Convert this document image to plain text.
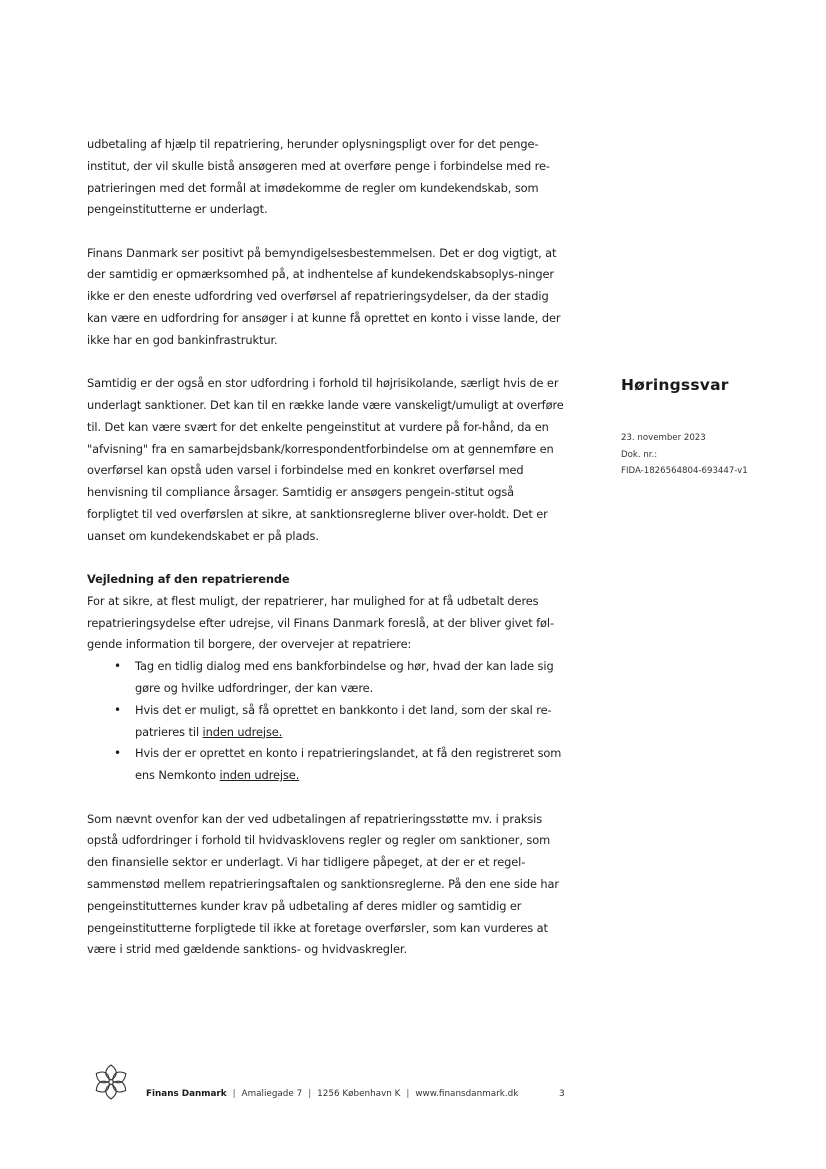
udbetaling af hjælp til repatriering, herunder oplysningspligt over for det penge-institut, der vil skulle bistå ansøgeren med at overføre penge i forbindelse med re-patrieringen med det formål at imødekomme de regler om kundekendskab, som pengeinstitutterne er underlagt.

Finans Danmark ser positivt på bemyndigelsesbestemmelsen. Det er dog vigtigt, at der samtidig er opmærksomhed på, at indhentelse af kundekendskabsoplys-ninger ikke er den eneste udfordring ved overførsel af repatrieringsydelser, da der stadig kan være en udfordring for ansøger i at kunne få oprettet en konto i visse lande, der ikke har en god bankinfrastruktur.

Samtidig er der også en stor udfordring i forhold til højrisikolande, særligt hvis de er underlagt sanktioner. Det kan til en række lande være vanskeligt/umuligt at overføre til. Det kan være svært for det enkelte pengeinstitut at vurdere på for-hånd, da en "afvisning" fra en samarbejdsbank/korrespondentforbindelse om at gennemføre en overførsel kan opstå uden varsel i forbindelse med en konkret overførsel med henvisning til compliance årsager. Samtidig er ansøgers pengein-stitut også forpligtet til ved overførslen at sikre, at sanktionsreglerne bliver over-holdt. Det er uanset om kundekendskabet er på plads.

Vejledning af den repatrierende

For at sikre, at flest muligt, der repatrierer, har mulighed for at få udbetalt deres repatrieringsydelse efter udrejse, vil Finans Danmark foreslå, at der bliver givet føl-gende information til borgere, der overvejer at repatriere:

• Tag en tidlig dialog med ens bankforbindelse og hør, hvad der kan lade sig gøre og hvilke udfordringer, der kan være.
• Hvis det er muligt, så få oprettet en bankkonto i det land, som der skal re-patrieres til inden udrejse.
• Hvis der er oprettet en konto i repatrieringslandet, at få den registreret som ens Nemkonto inden udrejse.

Som nævnt ovenfor kan der ved udbetalingen af repatrieringsstøtte mv. i praksis opstå udfordringer i forhold til hvidvasklovens regler og regler om sanktioner, som den finansielle sektor er underlagt. Vi har tidligere påpeget, at der er et regel-sammenstød mellem repatrieringsaftalen og sanktionsreglerne. På den ene side har pengeinstitutternes kunder krav på udbetaling af deres midler og samtidig er pengeinstitutterne forpligtede til ikke at foretage overførsler, som kan vurderes at være i strid med gældende sanktions- og hvidvaskregler.

Høringssvar
23. november 2023
Dok. nr.:
FIDA-1826564804-693447-v1
Finans Danmark | Amaliegade 7 | 1256 København K | www.finansdanmark.dk	3
